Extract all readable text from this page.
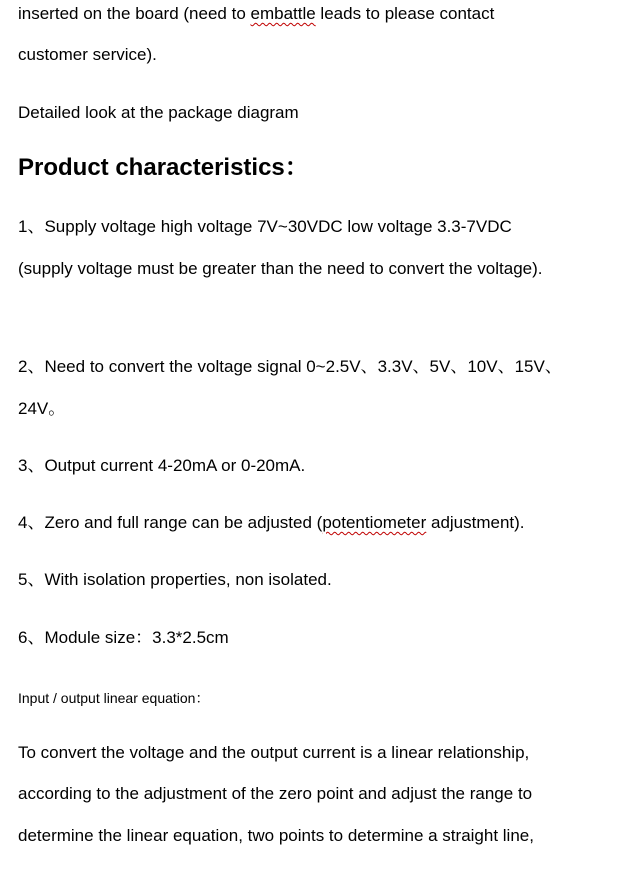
inserted on the board (need to embattle leads to please contact
customer service).
Detailed look at the package diagram
Product characteristics：
1、Supply voltage high voltage 7V~30VDC low voltage 3.3-7VDC
(supply voltage must be greater than the need to convert the voltage).
2、Need to convert the voltage signal 0~2.5V、3.3V、5V、10V、15V、
24V。
3、Output current 4-20mA or 0-20mA.
4、Zero and full range can be adjusted (potentiometer adjustment).
5、With isolation properties, non isolated.
6、Module size：3.3*2.5cm
Input / output linear equation：
To convert the voltage and the output current is a linear relationship,
according to the adjustment of the zero point and adjust the range to
determine the linear equation, two points to determine a straight line,
